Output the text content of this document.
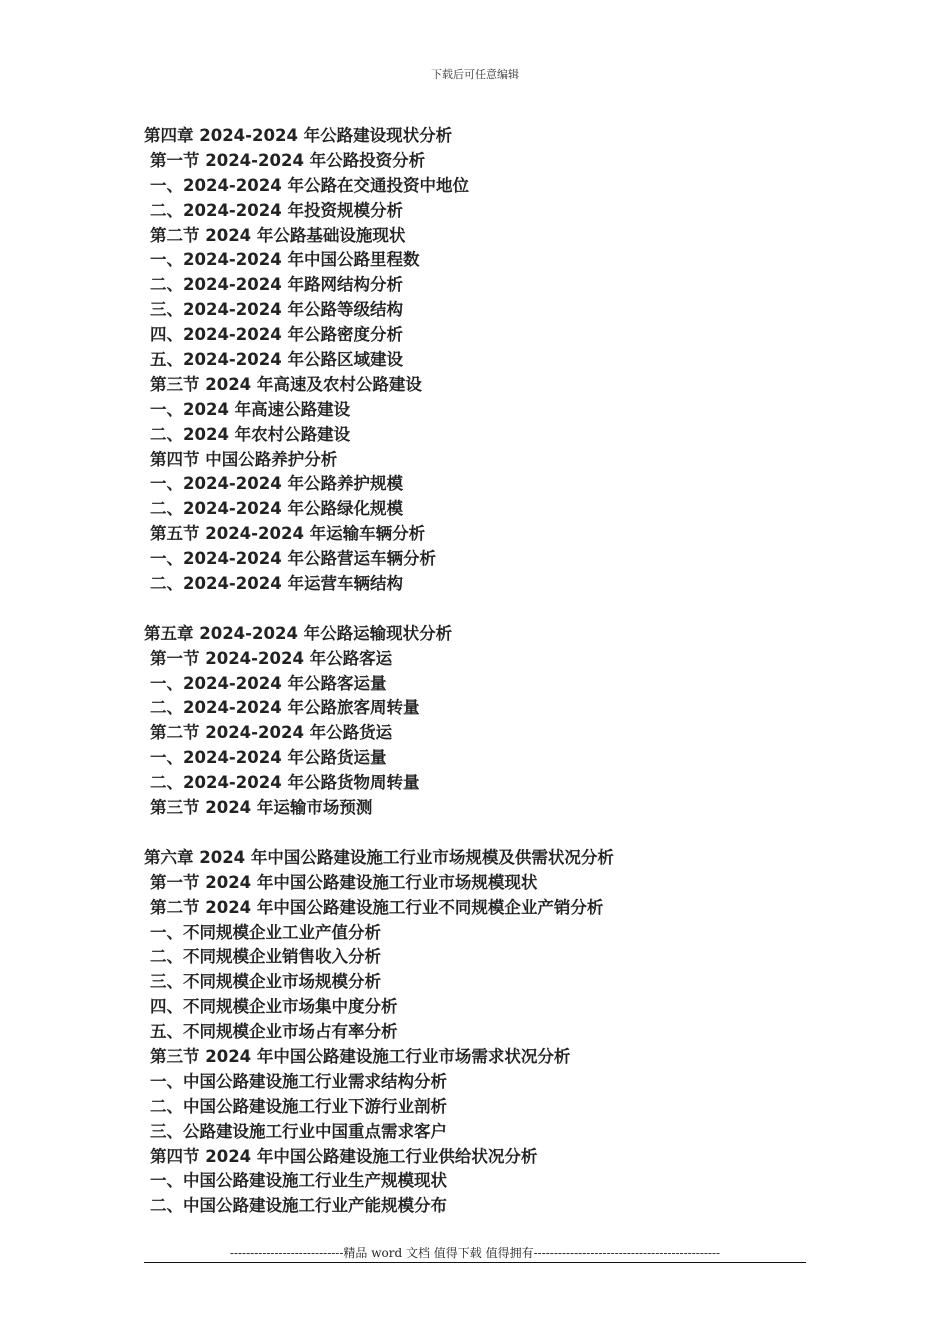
下载后可任意编辑
第四章 2024-2024 年公路建设现状分析
第一节 2024-2024 年公路投资分析
一、2024-2024 年公路在交通投资中地位
二、2024-2024 年投资规模分析
第二节 2024 年公路基础设施现状
一、2024-2024 年中国公路里程数
二、2024-2024 年路网结构分析
三、2024-2024 年公路等级结构
四、2024-2024 年公路密度分析
五、2024-2024 年公路区域建设
第三节 2024 年高速及农村公路建设
一、2024 年高速公路建设
二、2024 年农村公路建设
第四节 中国公路养护分析
一、2024-2024 年公路养护规模
二、2024-2024 年公路绿化规模
第五节 2024-2024 年运输车辆分析
一、2024-2024 年公路营运车辆分析
二、2024-2024 年运营车辆结构
第五章 2024-2024 年公路运输现状分析
第一节 2024-2024 年公路客运
一、2024-2024 年公路客运量
二、2024-2024 年公路旅客周转量
第二节 2024-2024 年公路货运
一、2024-2024 年公路货运量
二、2024-2024 年公路货物周转量
第三节 2024 年运输市场预测
第六章 2024 年中国公路建设施工行业市场规模及供需状况分析
第一节 2024 年中国公路建设施工行业市场规模现状
第二节 2024 年中国公路建设施工行业不同规模企业产销分析
一、不同规模企业工业产值分析
二、不同规模企业销售收入分析
三、不同规模企业市场规模分析
四、不同规模企业市场集中度分析
五、不同规模企业市场占有率分析
第三节 2024 年中国公路建设施工行业市场需求状况分析
一、中国公路建设施工行业需求结构分析
二、中国公路建设施工行业下游行业剖析
三、公路建设施工行业中国重点需求客户
第四节 2024 年中国公路建设施工行业供给状况分析
一、中国公路建设施工行业生产规模现状
二、中国公路建设施工行业产能规模分布
----------------------------精品 word 文档 值得下载 值得拥有----------------------------------------------
